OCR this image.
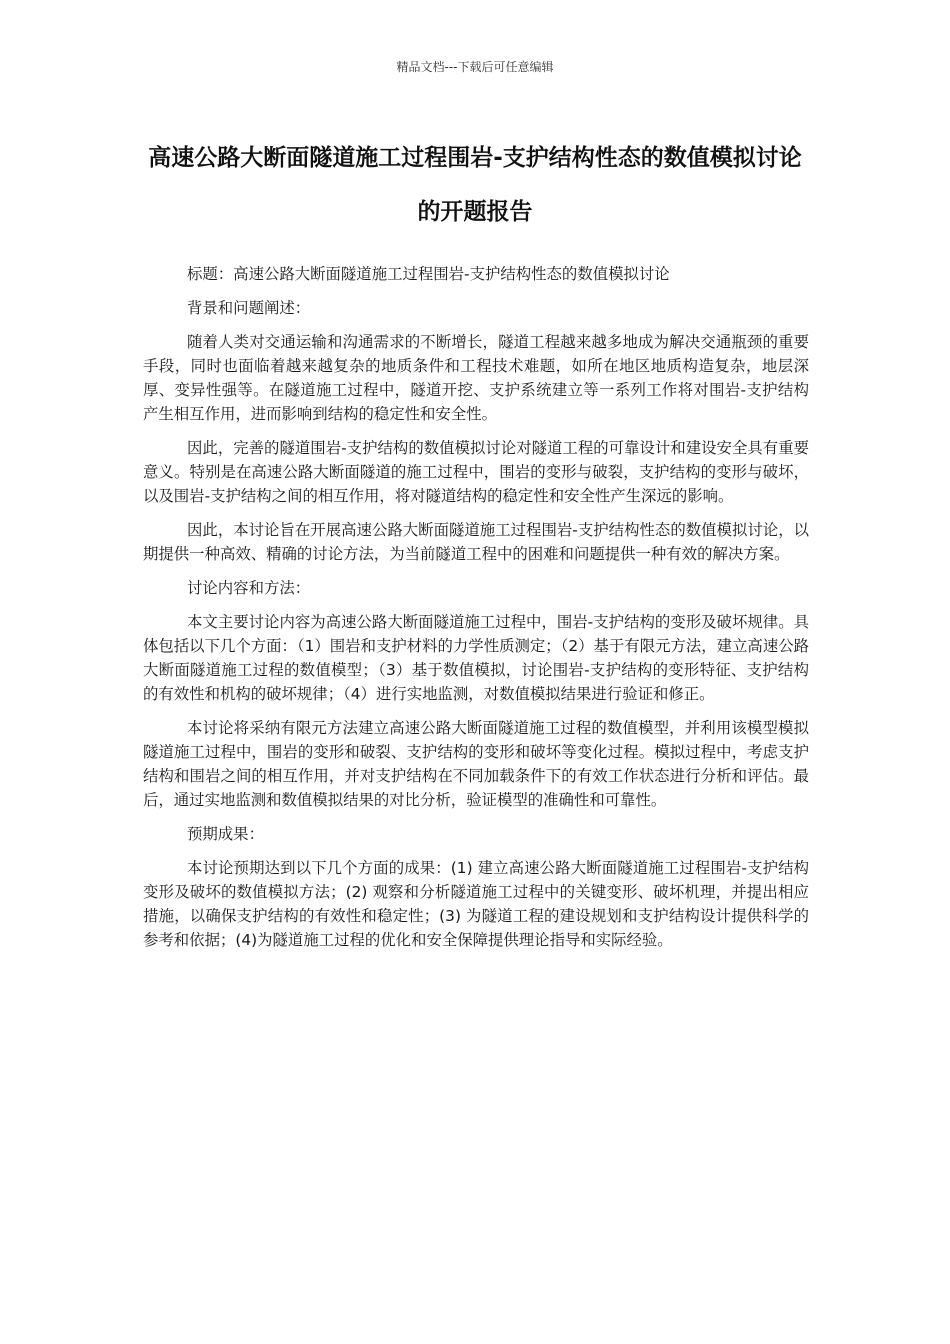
精品文档---下载后可任意编辑
高速公路大断面隧道施工过程围岩-支护结构性态的数值模拟讨论的开题报告

标题：高速公路大断面隧道施工过程围岩-支护结构性态的数值模拟讨论

背景和问题阐述：

随着人类对交通运输和沟通需求的不断增长，隧道工程越来越多地成为解决交通瓶颈的重要手段，同时也面临着越来越复杂的地质条件和工程技术难题，如所在地区地质构造复杂，地层深厚、变异性强等。在隧道施工过程中，隧道开挖、支护系统建立等一系列工作将对围岩-支护结构产生相互作用，进而影响到结构的稳定性和安全性。

因此，完善的隧道围岩-支护结构的数值模拟讨论对隧道工程的可靠设计和建设安全具有重要意义。特别是在高速公路大断面隧道的施工过程中，围岩的变形与破裂，支护结构的变形与破坏，以及围岩-支护结构之间的相互作用，将对隧道结构的稳定性和安全性产生深远的影响。

因此，本讨论旨在开展高速公路大断面隧道施工过程围岩-支护结构性态的数值模拟讨论，以期提供一种高效、精确的讨论方法，为当前隧道工程中的困难和问题提供一种有效的解决方案。

讨论内容和方法：

本文主要讨论内容为高速公路大断面隧道施工过程中，围岩-支护结构的变形及破坏规律。具体包括以下几个方面：（1）围岩和支护材料的力学性质测定；（2）基于有限元方法，建立高速公路大断面隧道施工过程的数值模型；（3）基于数值模拟，讨论围岩-支护结构的变形特征、支护结构的有效性和机构的破坏规律；（4）进行实地监测，对数值模拟结果进行验证和修正。

本讨论将采纳有限元方法建立高速公路大断面隧道施工过程的数值模型，并利用该模型模拟隧道施工过程中，围岩的变形和破裂、支护结构的变形和破坏等变化过程。模拟过程中，考虑支护结构和围岩之间的相互作用，并对支护结构在不同加载条件下的有效工作状态进行分析和评估。最后，通过实地监测和数值模拟结果的对比分析，验证模型的准确性和可靠性。

预期成果：

本讨论预期达到以下几个方面的成果：(1) 建立高速公路大断面隧道施工过程围岩-支护结构变形及破坏的数值模拟方法；(2) 观察和分析隧道施工过程中的关键变形、破坏机理，并提出相应措施，以确保支护结构的有效性和稳定性；(3) 为隧道工程的建设规划和支护结构设计提供科学的参考和依据；(4)为隧道施工过程的优化和安全保障提供理论指导和实际经验。
